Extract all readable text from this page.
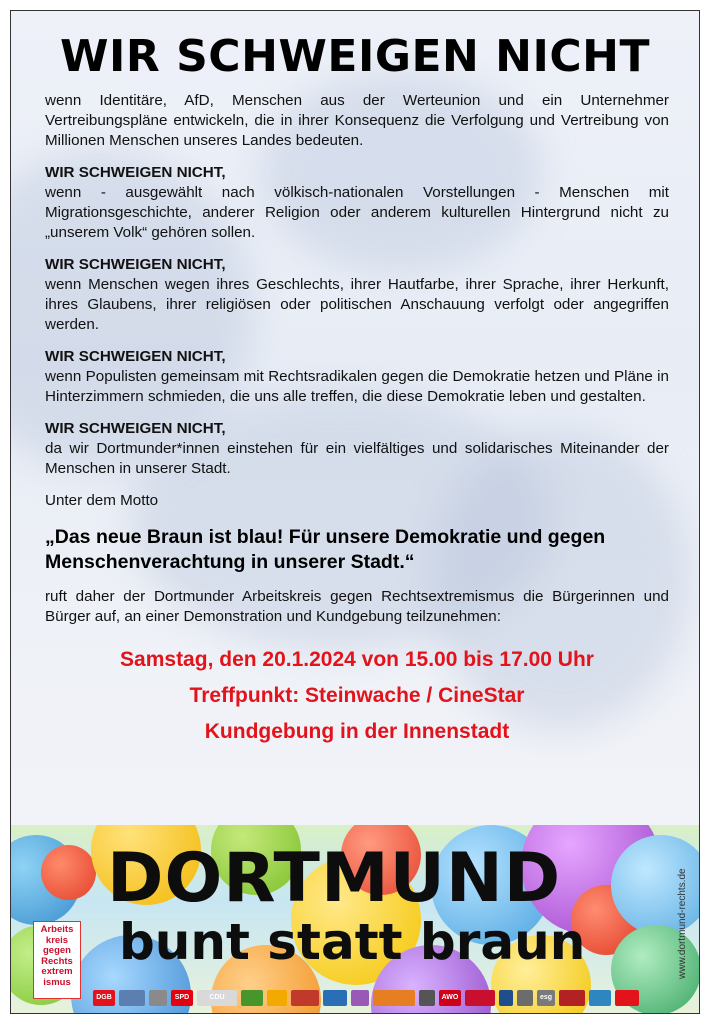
WIR SCHWEIGEN NICHT

wenn Identitäre, AfD, Menschen aus der Werteunion und ein Unternehmer Vertreibungspläne entwickeln, die in ihrer Konsequenz die Verfolgung und Vertreibung von Millionen Menschen unseres Landes bedeuten.

WIR SCHWEIGEN NICHT,
wenn - ausgewählt nach völkisch-nationalen Vorstellungen - Menschen mit Migrationsgeschichte, anderer Religion oder anderem kulturellen Hintergrund nicht zu „unserem Volk“ gehören sollen.

WIR SCHWEIGEN NICHT,
wenn Menschen wegen ihres Geschlechts, ihrer Hautfarbe, ihrer Sprache, ihrer Herkunft, ihres Glaubens, ihrer religiösen oder politischen Anschauung verfolgt oder angegriffen werden.

WIR SCHWEIGEN NICHT,
wenn Populisten gemeinsam mit Rechtsradikalen gegen die Demokratie hetzen und Pläne in Hinterzimmern schmieden, die uns alle treffen, die diese Demokratie leben und gestalten.

WIR SCHWEIGEN NICHT,
da wir Dortmunder*innen einstehen für ein vielfältiges und solidarisches Miteinander der Menschen in unserer Stadt.

Unter dem Motto

„Das neue Braun ist blau! Für unsere Demokratie und gegen Menschenverachtung in unserer Stadt.“

ruft daher der Dortmunder Arbeitskreis gegen Rechtsextremismus die Bürgerinnen und Bürger auf, an einer Demonstration und Kundgebung teilzunehmen:

Samstag, den 20.1.2024 von 15.00 bis 17.00 Uhr

Treffpunkt: Steinwache / CineStar

Kundgebung in der Innenstadt

DORTMUND
bunt statt braun	www.dortmund-rechts.de
Arbeits
kreis
gegen
Rechts
extrem
ismus
DGB	SPD	CDU	AWO	esg
